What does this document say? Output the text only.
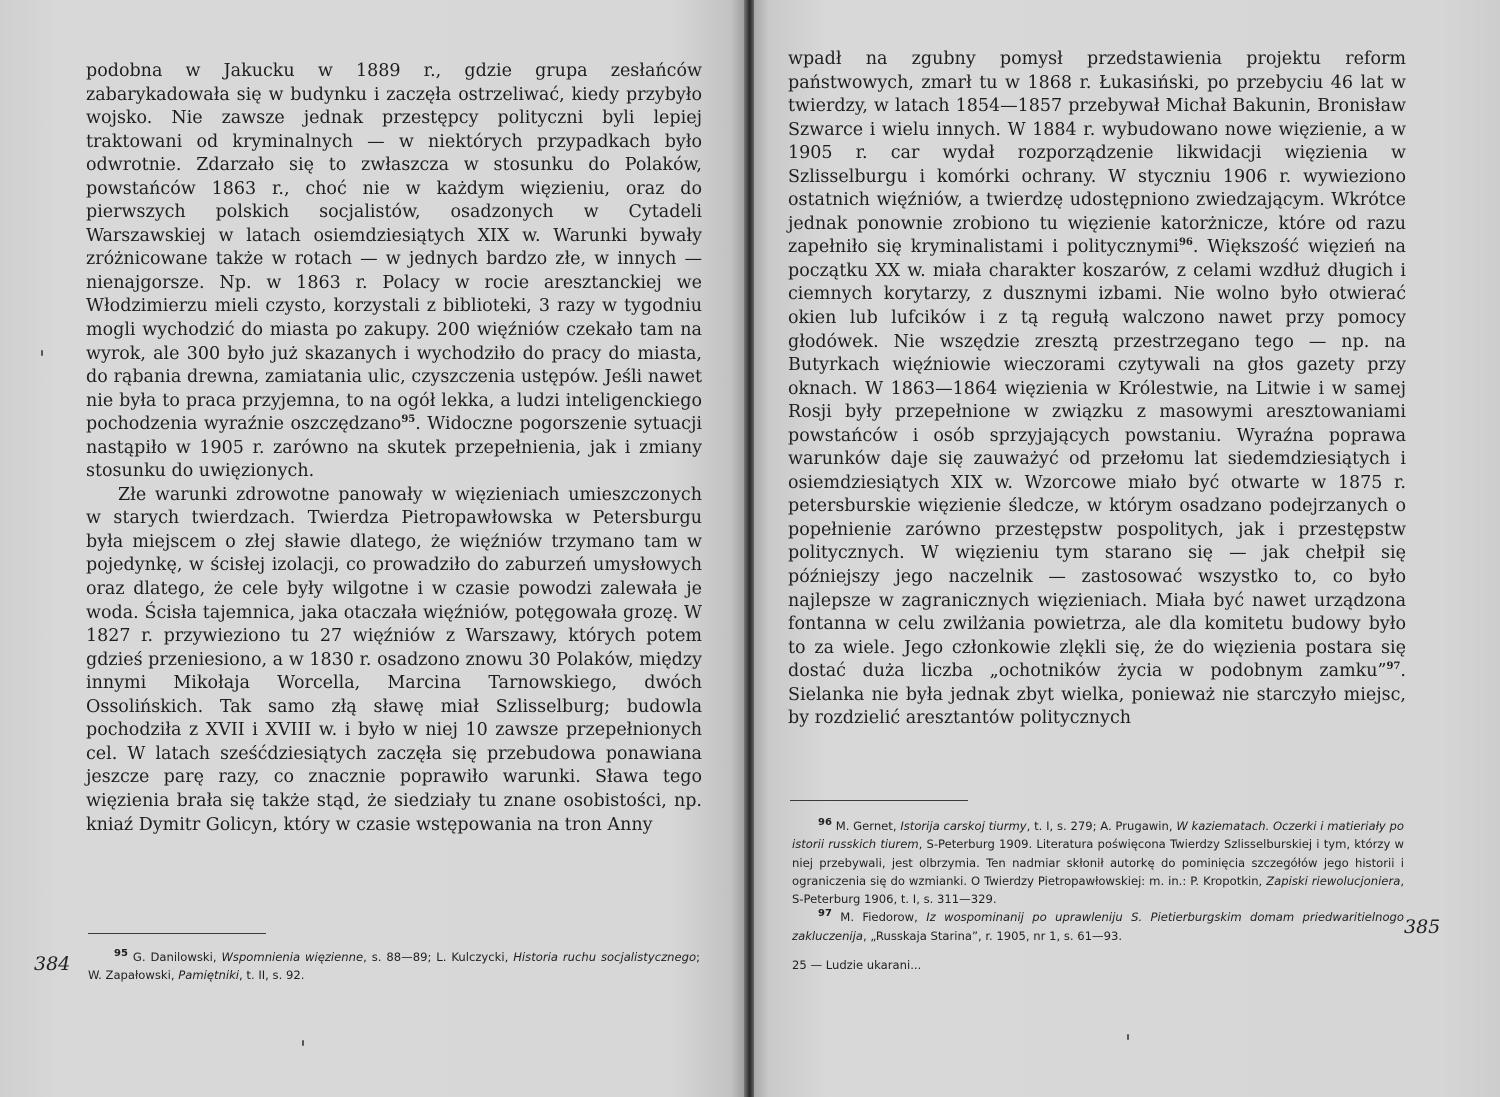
podobna w Jakucku w 1889 r., gdzie grupa zesłańców zabarykadowała się w budynku i zaczęła ostrzeliwać, kiedy przybyło wojsko. Nie zawsze jednak przestępcy polityczni byli lepiej traktowani od kryminalnych — w niektórych przypadkach było odwrotnie. Zdarzało się to zwłaszcza w stosunku do Polaków, powstańców 1863 r., choć nie w każdym więzieniu, oraz do pierwszych polskich socjalistów, osadzonych w Cytadeli Warszawskiej w latach osiemdziesiątych XIX w. Warunki bywały zróżnicowane także w rotach — w jednych bardzo złe, w innych — nienajgorsze. Np. w 1863 r. Polacy w rocie aresztanckiej we Włodzimierzu mieli czysto, korzystali z biblioteki, 3 razy w tygodniu mogli wychodzić do miasta po zakupy. 200 więźniów czekało tam na wyrok, ale 300 było już skazanych i wychodziło do pracy do miasta, do rąbania drewna, zamiatania ulic, czyszczenia ustępów. Jeśli nawet nie była to praca przyjemna, to na ogół lekka, a ludzi inteligenckiego pochodzenia wyraźnie oszczędzano$^{95}$. Widoczne pogorszenie sytuacji nastąpiło w 1905 r. zarówno na skutek przepełnienia, jak i zmiany stosunku do uwięzionych.

Złe warunki zdrowotne panowały w więzieniach umieszczonych w starych twierdzach. Twierdza Pietropawłowska w Petersburgu była miejscem o złej sławie dlatego, że więźniów trzymano tam w pojedynkę, w ścisłej izolacji, co prowadziło do zaburzeń umysłowych oraz dlatego, że cele były wilgotne i w czasie powodzi zalewała je woda. Ścisła tajemnica, jaka otaczała więźniów, potęgowała grozę. W 1827 r. przywieziono tu 27 więźniów z Warszawy, których potem gdzieś przeniesiono, a w 1830 r. osadzono znowu 30 Polaków, między innymi Mikołaja Worcella, Marcina Tarnowskiego, dwóch Ossolińskich. Tak samo złą sławę miał Szlisselburg; budowla pochodziła z XVII i XVIII w. i było w niej 10 zawsze przepełnionych cel. W latach sześćdziesiątych zaczęła się przebudowa ponawiana jeszcze parę razy, co znacznie poprawiło warunki. Sława tego więzienia brała się także stąd, że siedziały tu znane osobistości, np. kniaź Dymitr Golicyn, który w czasie wstępowania na tron Anny

384	$^{95}$ G. Danilowski, Wspomnienia więzienne, s. 88—89; L. Kulczycki, Historia ruchu socjalistycznego; W. Zapałowski, Pamiętniki, t. II, s. 92.

wpadł na zgubny pomysł przedstawienia projektu reform państwowych, zmarł tu w 1868 r. Łukasiński, po przebyciu 46 lat w twierdzy, w latach 1854—1857 przebywał Michał Bakunin, Bronisław Szwarce i wielu innych. W 1884 r. wybudowano nowe więzienie, a w 1905 r. car wydał rozporządzenie likwidacji więzienia w Szlisselburgu i komórki ochrany. W styczniu 1906 r. wywieziono ostatnich więźniów, a twierdzę udostępniono zwiedzającym. Wkrótce jednak ponownie zrobiono tu więzienie katorżnicze, które od razu zapełniło się kryminalistami i politycznymi$^{96}$. Większość więzień na początku XX w. miała charakter koszarów, z celami wzdłuż długich i ciemnych korytarzy, z dusznymi izbami. Nie wolno było otwierać okien lub lufcików i z tą regułą walczono nawet przy pomocy głodówek. Nie wszędzie zresztą przestrzegano tego — np. na Butyrkach więźniowie wieczorami czytywali na głos gazety przy oknach. W 1863—1864 więzienia w Królestwie, na Litwie i w samej Rosji były przepełnione w związku z masowymi aresztowaniami powstańców i osób sprzyjających powstaniu. Wyraźna poprawa warunków daje się zauważyć od przełomu lat siedemdziesiątych i osiemdziesiątych XIX w. Wzorcowe miało być otwarte w 1875 r. petersburskie więzienie śledcze, w którym osadzano podejrzanych o popełnienie zarówno przestępstw pospolitych, jak i przestępstw politycznych. W więzieniu tym starano się — jak chełpił się późniejszy jego naczelnik — zastosować wszystko to, co było najlepsze w zagranicznych więzieniach. Miała być nawet urządzona fontanna w celu zwilżania powietrza, ale dla komitetu budowy było to za wiele. Jego członkowie zlękli się, że do więzienia postara się dostać duża liczba „ochotników życia w podobnym zamku”$^{97}$. Sielanka nie była jednak zbyt wielka, ponieważ nie starczyło miejsc, by rozdzielić aresztantów politycznych

$^{96}$ M. Gernet, Istorija carskoj tiurmy, t. I, s. 279; A. Prugawin, W kaziematach. Oczerki i matieriały po istorii russkich tiurem, S-Peterburg 1909. Literatura poświęcona Twierdzy Szlisselburskiej i tym, którzy w niej przebywali, jest olbrzymia. Ten nadmiar skłonił autorkę do pominięcia szczegółów jego historii i ograniczenia się do wzmianki. O Twierdzy Pietropawłowskiej: m. in.: P. Kropotkin, Zapiski riewolucjoniera, S-Peterburg 1906, t. I, s. 311—329.

$^{97}$ M. Fiedorow, Iz wospominanij po uprawleniju S. Pietierburgskim domam priedwaritielnogo zakluczenija, „Russkaja Starina”, r. 1905, nr 1, s. 61—93.	385
25 — Ludzie ukarani...
